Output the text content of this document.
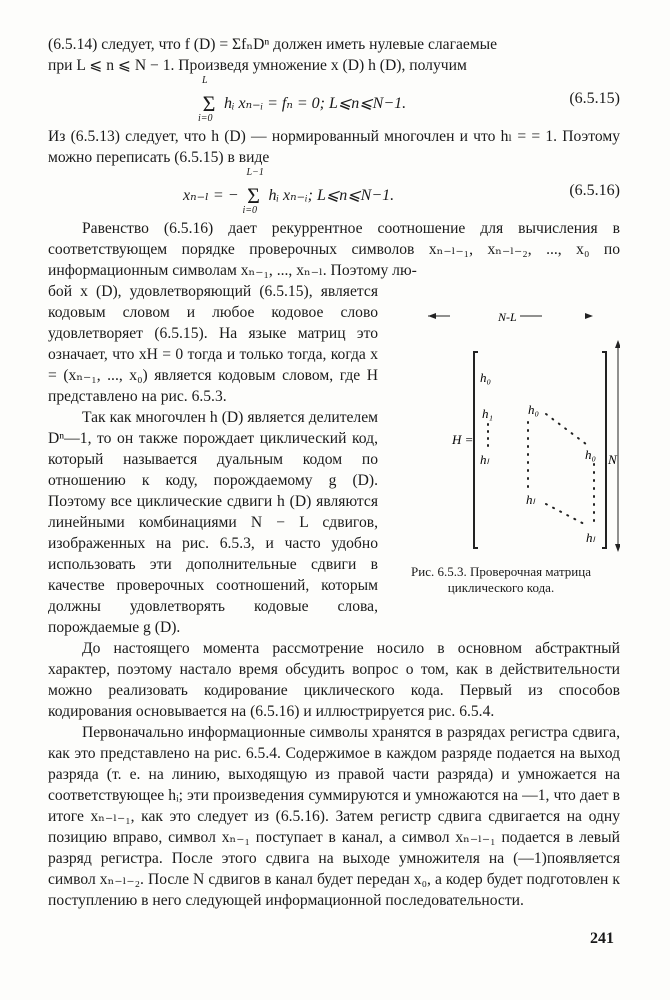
(6.5.14) следует, что f (D) = ΣfₙDⁿ должен иметь нулевые слагаемые

при L ⩽ n ⩽ N − 1. Произведя умножение x (D) h (D), получим

Σ
L
i=0
hᵢ xₙ₋ᵢ = fₙ = 0; L⩽n⩽N−1.	(6.5.15)

Из (6.5.13) следует, что h (D) — нормированный многочлен и что hₗ = = 1. Поэтому можно переписать (6.5.15) в виде

xₙ₋ₗ = − Σ
L−1
i=0
hᵢ xₙ₋ᵢ; L⩽n⩽N−1.	(6.5.16)

Равенство (6.5.16) дает рекуррентное соотношение для вычисления в соответствующем порядке проверочных символов xₙ₋ₗ₋₁, xₙ₋ₗ₋₂, ..., x₀ по информационным символам xₙ₋₁, ..., xₙ₋ₗ. Поэтому лю-

бой x (D), удовлетворяющий (6.5.15), является кодовым словом и любое кодовое слово удовлетворяет (6.5.15). На языке матриц это означает, что xH = 0 тогда и только тогда, когда x = (xₙ₋₁, ..., x₀) является кодовым словом, где H представлено на рис. 6.5.3.

Так как многочлен h (D) является делителем Dⁿ—1, то он также порождает циклический код, который называется дуальным кодом по отношению к коду, порождаемому g (D). Поэтому все циклические сдвиги h (D) являются линейными комбинациями N − L сдвигов, изображенных на рис. 6.5.3, и часто удобно использовать эти дополнительные сдвиги в качестве проверочных соотношений, которым должны удовлетворять кодовые слова, порождаемые g (D).

До настоящего момента рассмотрение носило в основном абстрактный характер, поэтому настало время обсудить вопрос о том, как в действительности можно реализовать кодирование циклического кода. Первый из способов кодирования основывается на (6.5.16) и иллюстрируется рис. 6.5.4.

Первоначально информационные символы хранятся в разрядах регистра сдвига, как это представлено на рис. 6.5.4. Содержимое в каждом разряде подается на выход разряда (т. е. на линию, выходящую из правой части разряда) и умножается на соответствующее hᵢ; эти произведения суммируются и умножаются на —1, что дает в итоге xₙ₋ₗ₋₁, как это следует из (6.5.16). Затем регистр сдвига сдвигается на одну позицию вправо, символ xₙ₋₁ поступает в канал, а символ xₙ₋ₗ₋₁ подается в левый разряд регистра. После этого сдвига на выходе умножителя на (—1)появляется символ xₙ₋ₗ₋₂. После N сдвигов в канал будет передан x₀, а кодер будет подготовлен к поступлению в него следующей информационной последовательности.

N-L
N
H =
h₀
h₁
hₗ
h₀
hₗ
h₀
hₗ
Рис. 6.5.3. Проверочная матрица циклического кода.
241
